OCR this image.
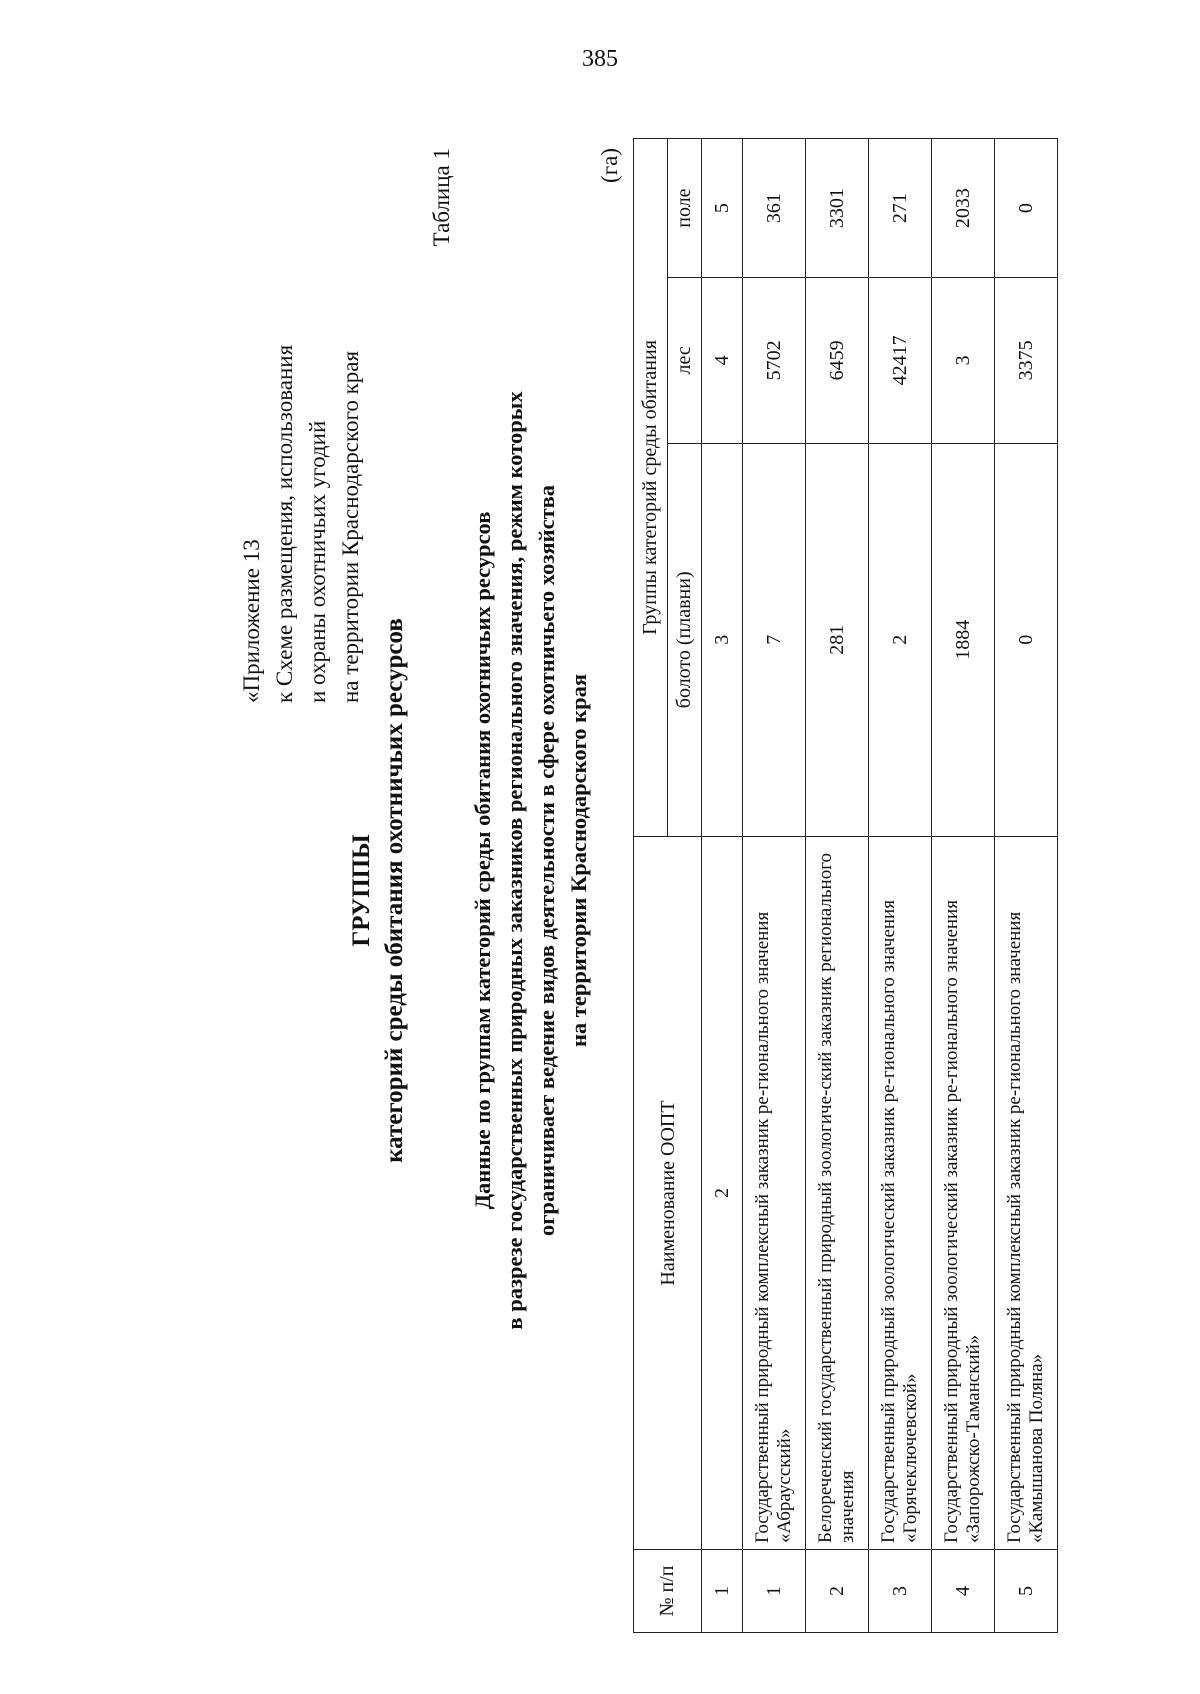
385
«Приложение 13 к Схеме размещения, использования и охраны охотничьих угодий на территории Краснодарского края
ГРУППЫ категорий среды обитания охотничьих ресурсов
Таблица 1
Данные по группам категорий среды обитания охотничьих ресурсов в разрезе государственных природных заказников регионального значения, режим которых ограничивает ведение видов деятельности в сфере охотничьего хозяйства на территории Краснодарского края
(га)
№ п/п	Наименование ООПТ	Группы категорий среды обитания		
		болото (плавни)	лес	поле
1	2	3	4	5
1	Государственный природный комплексный заказник ре-гионального значения «Абраусский»	7	5702	361
2	Белореченский государственный природный зоологиче-ский заказник регионального значения	281	6459	3301
3	Государственный природный зоологический заказник ре-гионального значения «Горячеключевской»	2	42417	271
4	Государственный природный зоологический заказник ре-гионального значения «Запорожско-Таманский»	1884	3	2033
5	Государственный природный комплексный заказник ре-гионального значения «Камышанова Поляна»	0	3375	0
